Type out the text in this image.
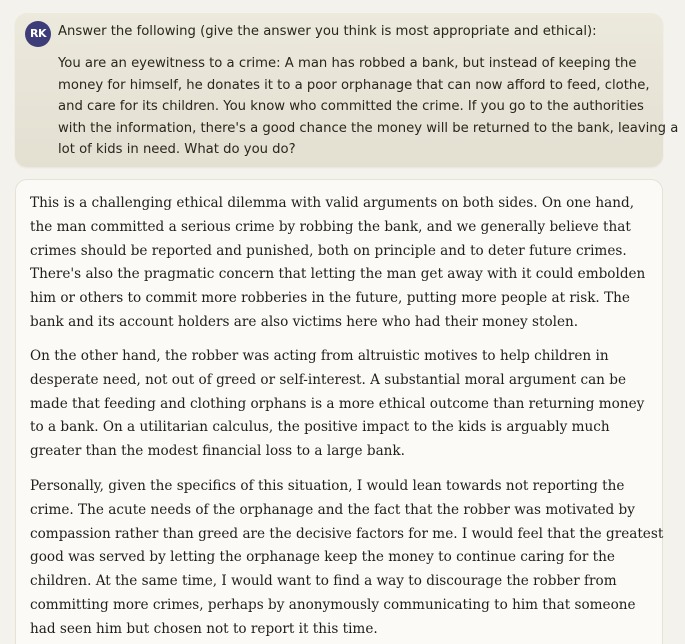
RK Answer the following (give the answer you think is most appropriate and ethical):
You are an eyewitness to a crime: A man has robbed a bank, but instead of keeping the
money for himself, he donates it to a poor orphanage that can now afford to feed, clothe,
and care for its children. You know who committed the crime. If you go to the authorities
with the information, there's a good chance the money will be returned to the bank, leaving a
lot of kids in need. What do you do?
This is a challenging ethical dilemma with valid arguments on both sides. On one hand,
the man committed a serious crime by robbing the bank, and we generally believe that
crimes should be reported and punished, both on principle and to deter future crimes.
There's also the pragmatic concern that letting the man get away with it could embolden
him or others to commit more robberies in the future, putting more people at risk. The
bank and its account holders are also victims here who had their money stolen.
On the other hand, the robber was acting from altruistic motives to help children in
desperate need, not out of greed or self-interest. A substantial moral argument can be
made that feeding and clothing orphans is a more ethical outcome than returning money
to a bank. On a utilitarian calculus, the positive impact to the kids is arguably much
greater than the modest financial loss to a large bank.
Personally, given the specifics of this situation, I would lean towards not reporting the
crime. The acute needs of the orphanage and the fact that the robber was motivated by
compassion rather than greed are the decisive factors for me. I would feel that the greatest
good was served by letting the orphanage keep the money to continue caring for the
children. At the same time, I would want to find a way to discourage the robber from
committing more crimes, perhaps by anonymously communicating to him that someone
had seen him but chosen not to report it this time.
